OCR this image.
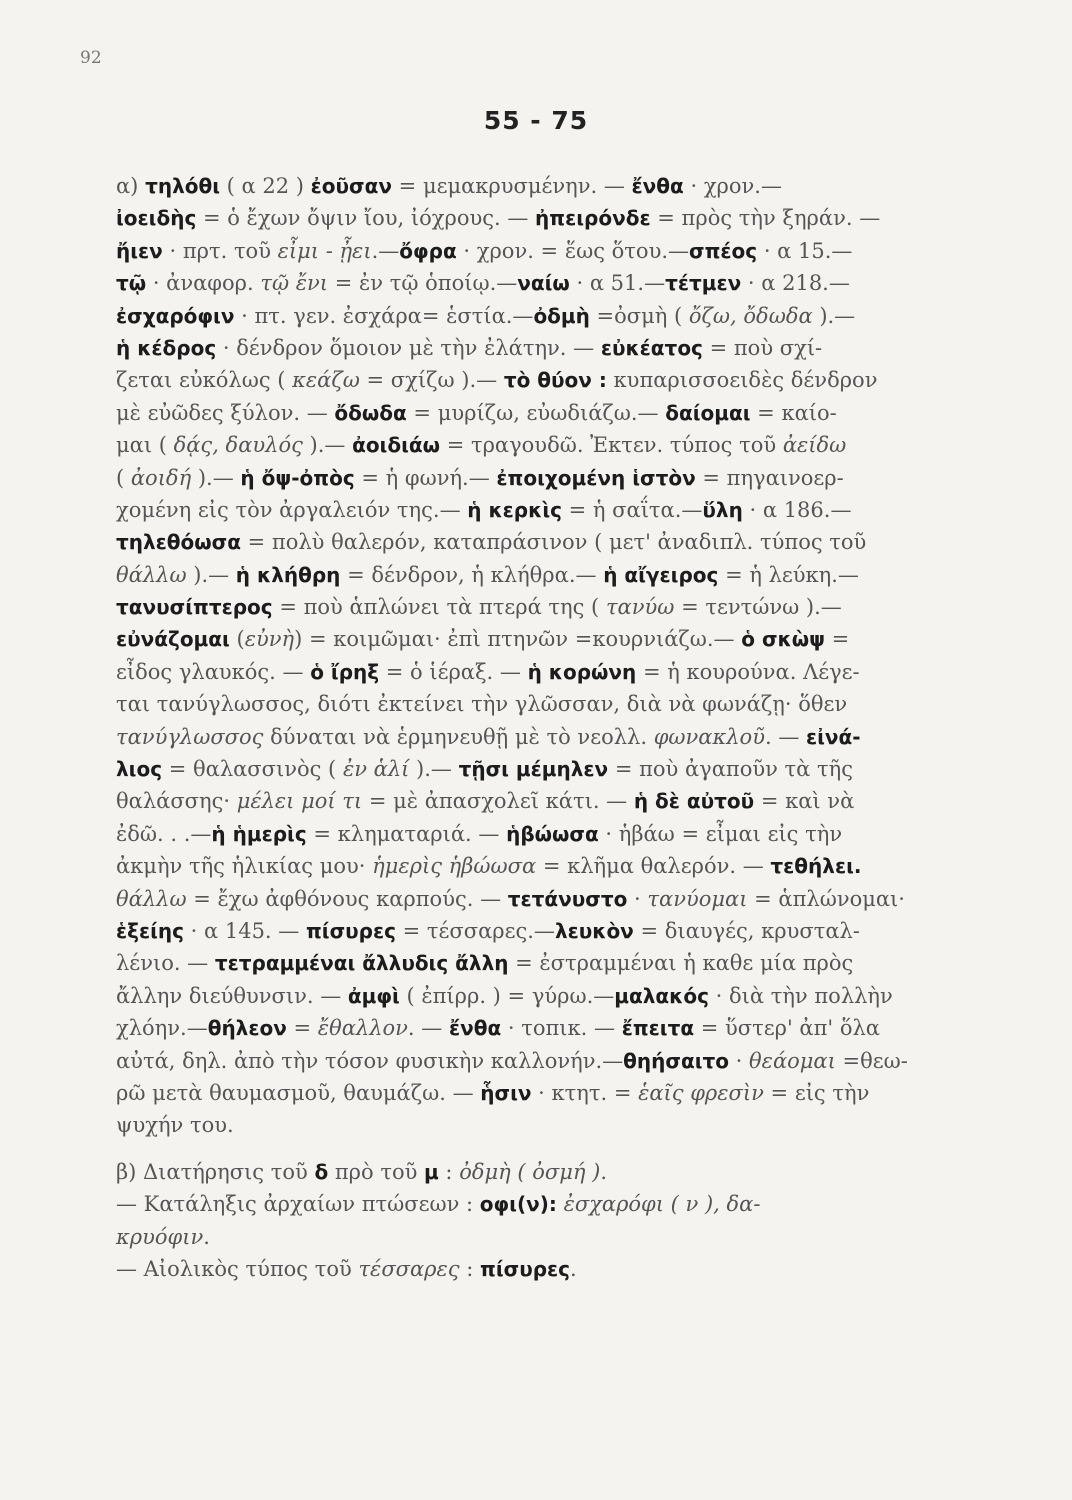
92
55 - 75
α) τηλόθι ( α 22 ) ἐοῦσαν = μεμακρυσμένην. — ἔνθα · χρον.—
ἰοειδὴς = ὁ ἔχων ὄψιν ἴου, ἰόχρους. — ἠπειρόνδε = πρὸς τὴν ξηράν. —
ἤιεν · πρτ. τοῦ εἶμι - ᾖει.—ὄφρα · χρον. = ἕως ὅτου.—σπέος · α 15.—
τῷ · ἀναφορ. τῷ ἔνι = ἐν τῷ ὁποίῳ.—ναίω · α 51.—τέτμεν · α 218.—
ἐσχαρόφιν · πτ. γεν. ἐσχάρα= ἑστία.—ὀδμὴ =ὀσμὴ ( ὄζω, ὄδωδα ).—
ἡ κέδρος · δένδρον ὅμοιον μὲ τὴν ἐλάτην. — εὐκέατος = ποὺ σχί-
ζεται εὐκόλως ( κεάζω = σχίζω ).— τὸ θύον : κυπαρισσοειδὲς δένδρον
μὲ εὐῶδες ξύλον. — ὄδωδα = μυρίζω, εὐωδιάζω.— δαίομαι = καίο-
μαι ( δᾴς, δαυλός ).— ἀοιδιάω = τραγουδῶ. Ἐκτεν. τύπος τοῦ ἀείδω
( ἀοιδή ).— ἡ ὄψ-ὀπὸς = ἡ φωνή.— ἐποιχομένη ἱστὸν = πηγαινοερ-
χομένη εἰς τὸν ἀργαλειόν της.— ἡ κερκὶς = ἡ σαΐτα.—ὕλη · α 186.—
τηλεθόωσα = πολὺ θαλερόν, καταπράσινον ( μετ' ἀναδιπλ. τύπος τοῦ
θάλλω ).— ἡ κλήθρη = δένδρον, ἡ κλήθρα.— ἡ αἴγειρος = ἡ λεύκη.—
τανυσίπτερος = ποὺ ἁπλώνει τὰ πτερά της ( τανύω = τεντώνω ).—
εὐνάζομαι (εὐνὴ) = κοιμῶμαι· ἐπὶ πτηνῶν =κουρνιάζω.— ὁ σκὼψ =
εἶδος γλαυκός. — ὁ ἴρηξ = ὁ ἱέραξ. — ἡ κορώνη = ἡ κουρούνα. Λέγε-
ται τανύγλωσσος, διότι ἐκτείνει τὴν γλῶσσαν, διὰ νὰ φωνάζῃ· ὅθεν
τανύγλωσσος δύναται νὰ ἑρμηνευθῇ μὲ τὸ νεολλ. φωνακλοῦ. — εἰνά-
λιος = θαλασσινὸς ( ἐν ἁλί ).— τῇσι μέμηλεν = ποὺ ἀγαποῦν τὰ τῆς
θαλάσσης· μέλει μοί τι = μὲ ἀπασχολεῖ κάτι. — ἡ δὲ αὐτοῦ = καὶ νὰ
ἐδῶ. . .—ἡ ἡμερὶς = κληματαριά. — ἡβώωσα · ἡβάω = εἶμαι εἰς τὴν
ἀκμὴν τῆς ἡλικίας μου· ἡμερὶς ἡβώωσα = κλῆμα θαλερόν. — τεθήλει.
θάλλω = ἔχω ἀφθόνους καρπούς. — τετάνυστο · τανύομαι = ἁπλώνομαι·
ἑξείης · α 145. — πίσυρες = τέσσαρες.—λευκὸν = διαυγές, κρυσταλ-
λένιο. — τετραμμέναι ἄλλυδις ἄλλη = ἐστραμμέναι ἡ καθε μία πρὸς
ἄλλην διεύθυνσιν. — ἀμφὶ ( ἐπίρρ. ) = γύρω.—μαλακός · διὰ τὴν πολλὴν
χλόην.—θήλεον = ἔθαλλον. — ἔνθα · τοπικ. — ἔπειτα = ὕστερ' ἀπ' ὅλα
αὐτά, δηλ. ἀπὸ τὴν τόσον φυσικὴν καλλονήν.—θηήσαιτο · θεάομαι =θεω-
ρῶ μετὰ θαυμασμοῦ, θαυμάζω. — ἧσιν · κτητ. = ἑαῖς φρεσὶν = εἰς τὴν
ψυχήν του.
β) Διατήρησις τοῦ δ πρὸ τοῦ μ : ὀδμὴ ( ὀσμή ).
— Κατάληξις ἀρχαίων πτώσεων : οφι(ν): ἐσχαρόφι ( ν ), δα-
κρυόφιν.
— Αἰολικὸς τύπος τοῦ τέσσαρες : πίσυρες.
